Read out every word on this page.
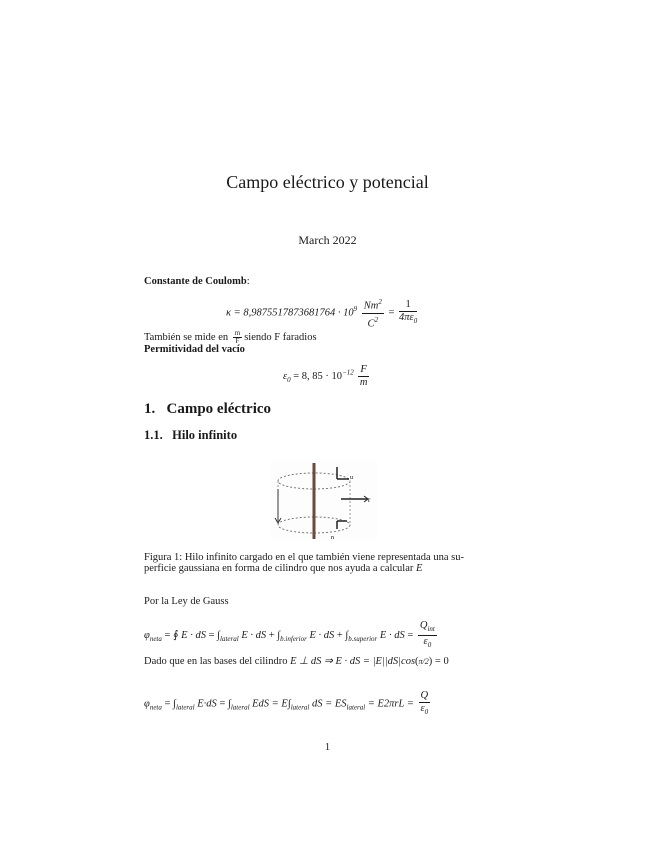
Campo eléctrico y potencial
March 2022
Constante de Coulomb:
$\kappa = 8,9875517873681764 \cdot 10^9 \frac{Nm^2}{C^2} = \frac{1}{4\pi\varepsilon_0}$
También se mide en $\frac{m}{F}$ siendo F faradios
Permitividad del vacío
$\varepsilon_0 = 8$, $85 \cdot 10^{-12} \frac{F}{m}$
1. Campo eléctrico
1.1. Hilo infinito
r
u
n
Figura 1: Hilo infinito cargado en el que también viene representada una su-
perficie gaussiana en forma de cilindro que nos ayuda a calcular E
Por la Ley de Gauss
$\varphi_{neta}$ = ∮ E · dS = $\int_{lateral}$ E · dS + $\int_{b.inferior}$ E · dS + $\int_{b.superior}$ E · dS = $\frac{Q_{int}}{\varepsilon_0}$
Dado que en las bases del cilindro E ⊥ dS ⇒ E · dS = |E||dS|cos(π/2) = 0
$\varphi_{neta} = \int_{lateral}$ $E\cdot dS = \int_{lateral}$ EdS = $E\int_{lateral}$ dS = $ES_{lateral} = E2\pi rL = \frac{Q}{\varepsilon_0}$
1
